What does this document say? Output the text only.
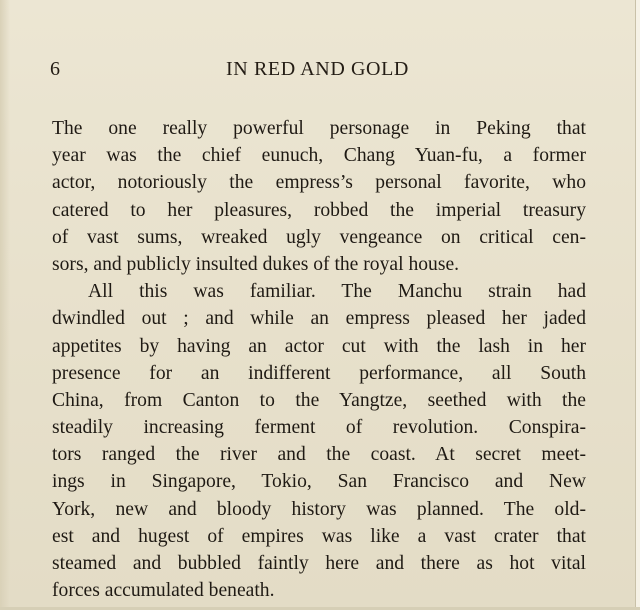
6	IN RED AND GOLD
The one really powerful personage in Peking that
year was the chief eunuch, Chang Yuan-fu, a former
actor, notoriously the empress’s personal favorite, who
catered to her pleasures, robbed the imperial treasury
of vast sums, wreaked ugly vengeance on critical cen-
sors, and publicly insulted dukes of the royal house.
All this was familiar. The Manchu strain had
dwindled out ; and while an empress pleased her jaded
appetites by having an actor cut with the lash in her
presence for an indifferent performance, all South
China, from Canton to the Yangtze, seethed with the
steadily increasing ferment of revolution. Conspira-
tors ranged the river and the coast. At secret meet-
ings in Singapore, Tokio, San Francisco and New
York, new and bloody history was planned. The old-
est and hugest of empires was like a vast crater that
steamed and bubbled faintly here and there as hot vital
forces accumulated beneath.
